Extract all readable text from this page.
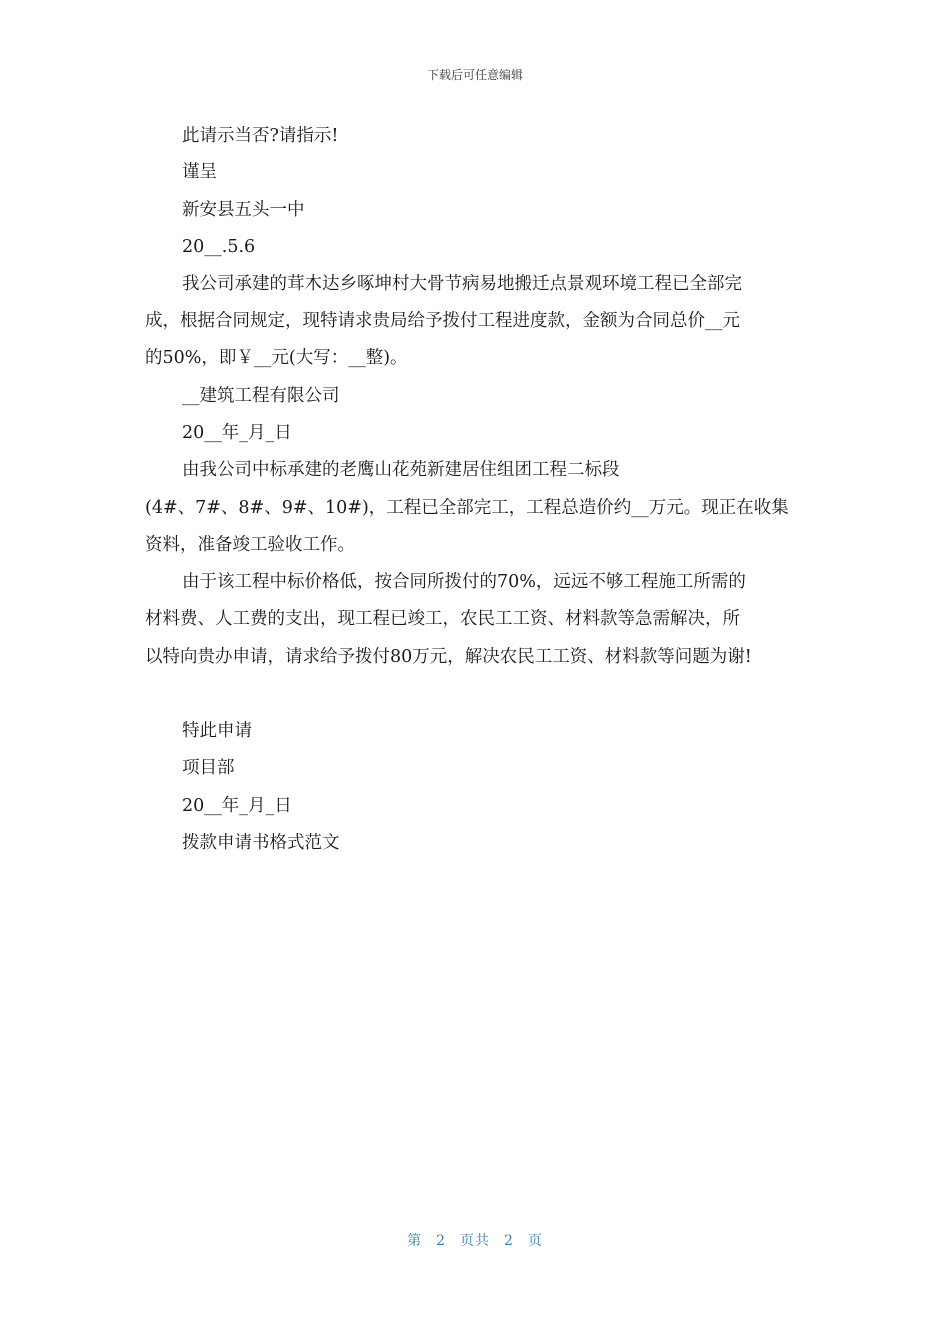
下载后可任意编辑
此请示当否?请指示!
谨呈
新安县五头一中
20__.5.6
我公司承建的茸木达乡啄坤村大骨节病易地搬迁点景观环境工程已全部完
成，根据合同规定，现特请求贵局给予拨付工程进度款，金额为合同总价__元
的50%，即￥__元(大写：__整)。
__建筑工程有限公司
20__年_月_日
由我公司中标承建的老鹰山花苑新建居住组团工程二标段
(4#、7#、8#、9#、10#)，工程已全部完工，工程总造价约__万元。现正在收集
资料，准备竣工验收工作。
由于该工程中标价格低，按合同所拨付的70%，远远不够工程施工所需的
材料费、人工费的支出，现工程已竣工，农民工工资、材料款等急需解决，所
以特向贵办申请，请求给予拨付80万元，解决农民工工资、材料款等问题为谢!
特此申请
项目部
20__年_月_日
拨款申请书格式范文
第 2 页共 2 页
